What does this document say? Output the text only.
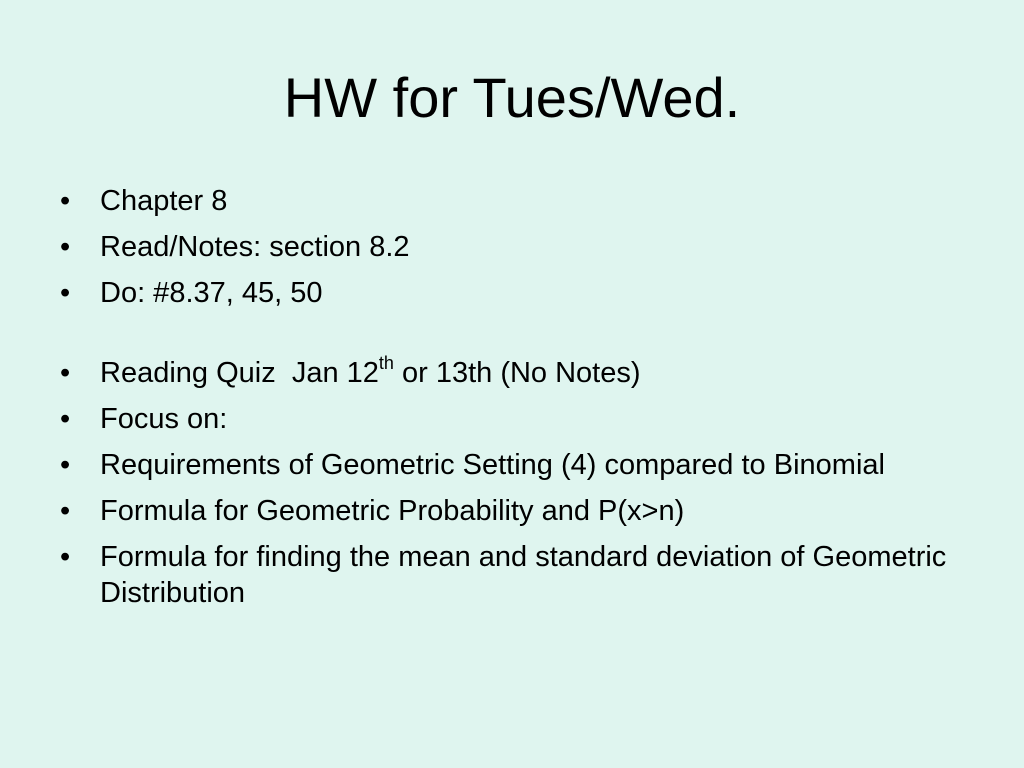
HW for Tues/Wed.
•	Chapter 8
•	Read/Notes: section 8.2
•	Do: #8.37, 45, 50
•	Reading Quiz  Jan 12th or 13th (No Notes)
•	Focus on:
•	Requirements of Geometric Setting (4) compared to Binomial
•	Formula for Geometric Probability and P(x>n)
•	Formula for finding the mean and standard deviation of Geometric Distribution
